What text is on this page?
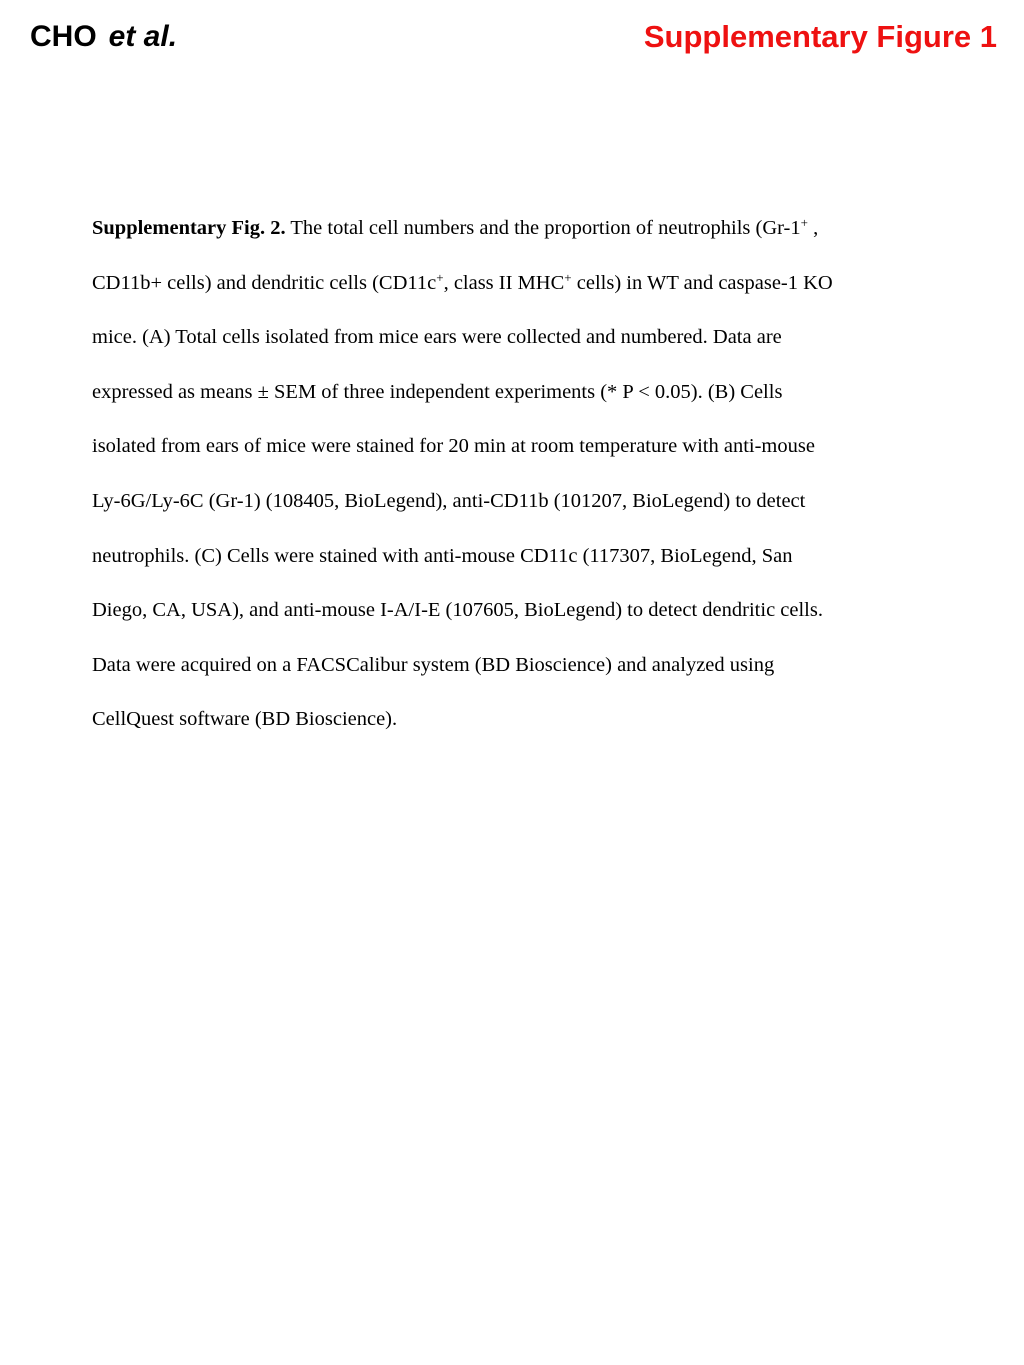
CHO et al.	Supplementary Figure 1
Supplementary Fig. 2. The total cell numbers and the proportion of neutrophils (Gr-1+ ,
CD11b+ cells) and dendritic cells (CD11c+, class II MHC+ cells) in WT and caspase-1 KO
mice. (A) Total cells isolated from mice ears were collected and numbered. Data are
expressed as means ± SEM of three independent experiments (* P < 0.05). (B) Cells
isolated from ears of mice were stained for 20 min at room temperature with anti-mouse
Ly-6G/Ly-6C (Gr-1) (108405, BioLegend), anti-CD11b (101207, BioLegend) to detect
neutrophils. (C) Cells were stained with anti-mouse CD11c (117307, BioLegend, San
Diego, CA, USA), and anti-mouse I-A/I-E (107605, BioLegend) to detect dendritic cells.
Data were acquired on a FACSCalibur system (BD Bioscience) and analyzed using
CellQuest software (BD Bioscience).
